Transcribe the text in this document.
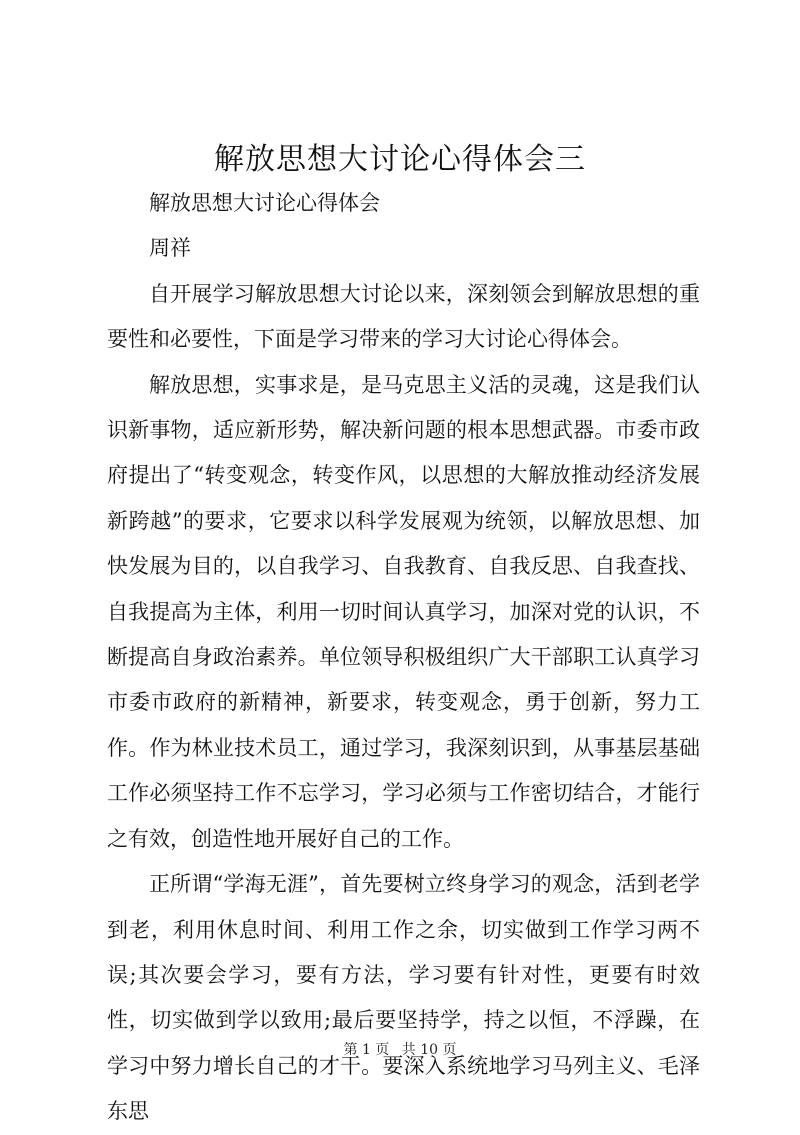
解放思想大讨论心得体会三

解放思想大讨论心得体会

周祥

自开展学习解放思想大讨论以来，深刻领会到解放思想的重要性和必要性，下面是学习带来的学习大讨论心得体会。

解放思想，实事求是，是马克思主义活的灵魂，这是我们认识新事物，适应新形势，解决新问题的根本思想武器。市委市政府提出了“转变观念，转变作风，以思想的大解放推动经济发展新跨越”的要求，它要求以科学发展观为统领，以解放思想、加快发展为目的，以自我学习、自我教育、自我反思、自我查找、自我提高为主体，利用一切时间认真学习，加深对党的认识，不断提高自身政治素养。单位领导积极组织广大干部职工认真学习市委市政府的新精神，新要求，转变观念，勇于创新，努力工作。作为林业技术员工，通过学习，我深刻识到，从事基层基础工作必须坚持工作不忘学习，学习必须与工作密切结合，才能行之有效，创造性地开展好自己的工作。

正所谓“学海无涯”，首先要树立终身学习的观念，活到老学到老，利用休息时间、利用工作之余，切实做到工作学习两不误;其次要会学习，要有方法，学习要有针对性，更要有时效性，切实做到学以致用;最后要坚持学，持之以恒，不浮躁，在学习中努力增长自己的才干。要深入系统地学习马列主义、毛泽东思

第 1 页 共 10 页
